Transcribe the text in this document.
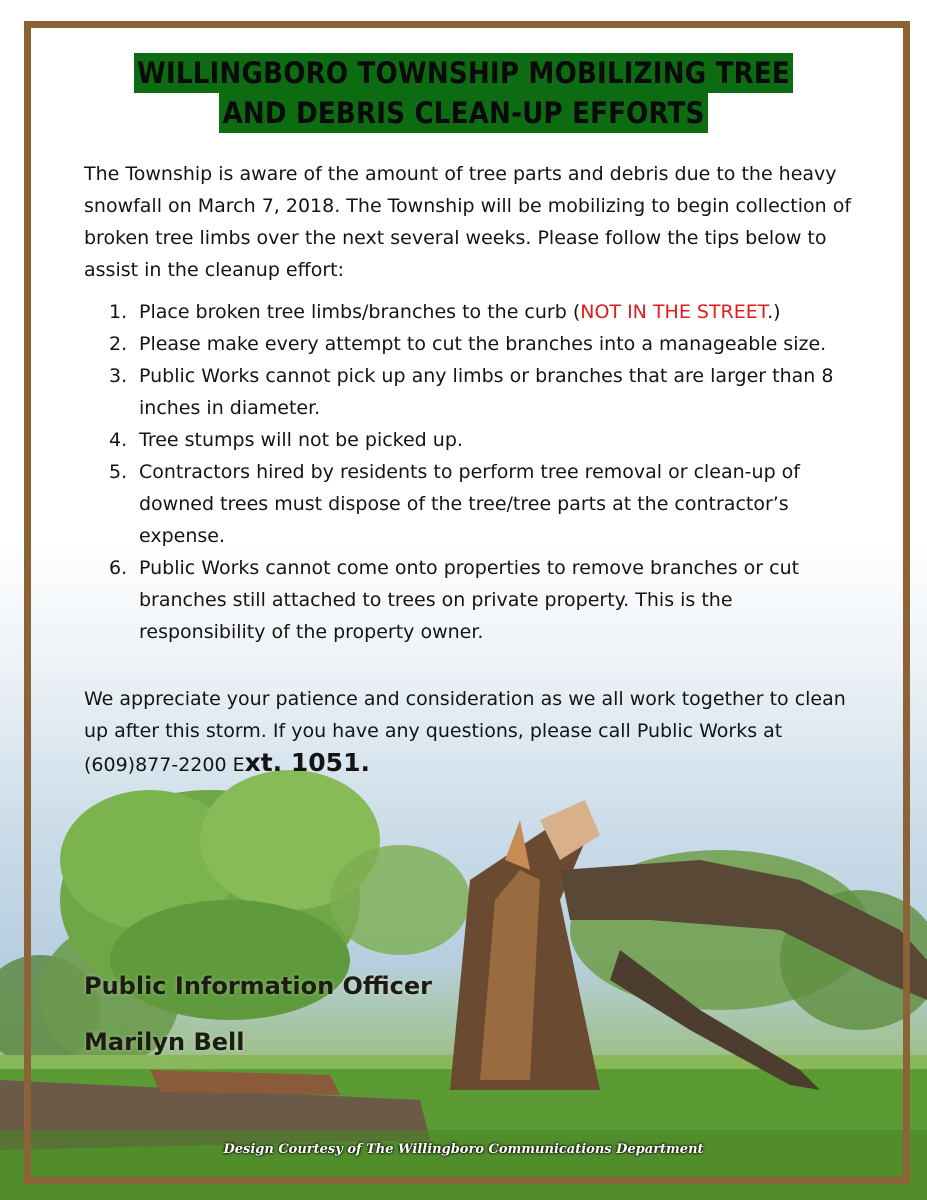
WILLINGBORO TOWNSHIP MOBILIZING TREE
AND DEBRIS CLEAN-UP EFFORTS

The Township is aware of the amount of tree parts and debris due to the heavy snowfall on March 7, 2018. The Township will be mobilizing to begin collection of broken tree limbs over the next several weeks. Please follow the tips below to assist in the cleanup effort:

1. Place broken tree limbs/branches to the curb (NOT IN THE STREET.)
2. Please make every attempt to cut the branches into a manageable size.
3. Public Works cannot pick up any limbs or branches that are larger than 8 inches in diameter.
4. Tree stumps will not be picked up.
5. Contractors hired by residents to perform tree removal or clean-up of downed trees must dispose of the tree/tree parts at the contractor’s expense.
6. Public Works cannot come onto properties to remove branches or cut branches still attached to trees on private property. This is the responsibility of the property owner.

We appreciate your patience and consideration as we all work together to clean up after this storm. If you have any questions, please call Public Works at (609)877-2200 Ext. 1051.

Public Information Officer
Marilyn Bell
Design Courtesy of The Willingboro Communications Department
